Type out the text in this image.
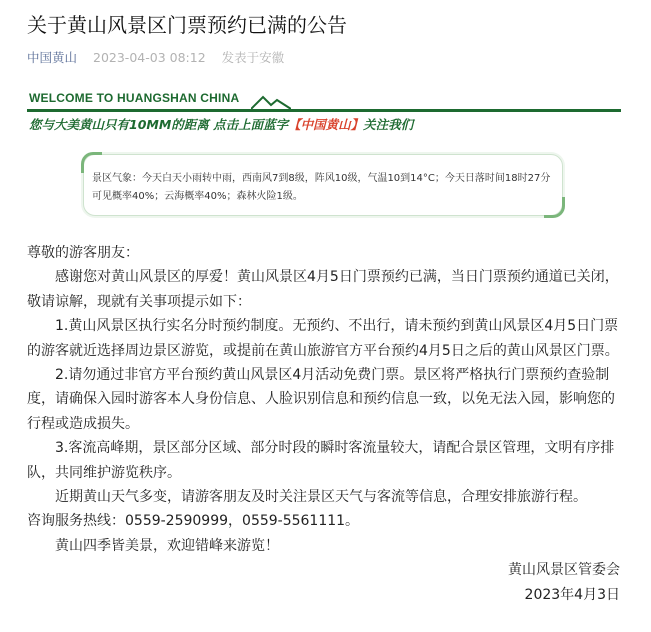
关于黄山风景区门票预约已满的公告
中国黄山 2023-04-03 08:12 发表于安徽
WELCOME TO HUANGSHAN CHINA
您与大美黄山只有10MM的距离 点击上面蓝字【中国黄山】关注我们
景区气象：今天白天小雨转中雨，西南风7到8级，阵风10级，气温10到14°C；今天日落时间18时27分可见概率40%；云海概率40%；森林火险1级。

尊敬的游客朋友：

感谢您对黄山风景区的厚爱！黄山风景区4月5日门票预约已满，当日门票预约通道已关闭，敬请谅解，现就有关事项提示如下：

1.黄山风景区执行实名分时预约制度。无预约、不出行，请未预约到黄山风景区4月5日门票的游客就近选择周边景区游览，或提前在黄山旅游官方平台预约4月5日之后的黄山风景区门票。

2.请勿通过非官方平台预约黄山风景区4月活动免费门票。景区将严格执行门票预约查验制度，请确保入园时游客本人身份信息、人脸识别信息和预约信息一致，以免无法入园，影响您的行程或造成损失。

3.客流高峰期，景区部分区域、部分时段的瞬时客流量较大，请配合景区管理，文明有序排队，共同维护游览秩序。

近期黄山天气多变，请游客朋友及时关注景区天气与客流等信息，合理安排旅游行程。

咨询服务热线：0559-2590999，0559-5561111。

黄山四季皆美景，欢迎错峰来游览！

黄山风景区管委会

2023年4月3日
